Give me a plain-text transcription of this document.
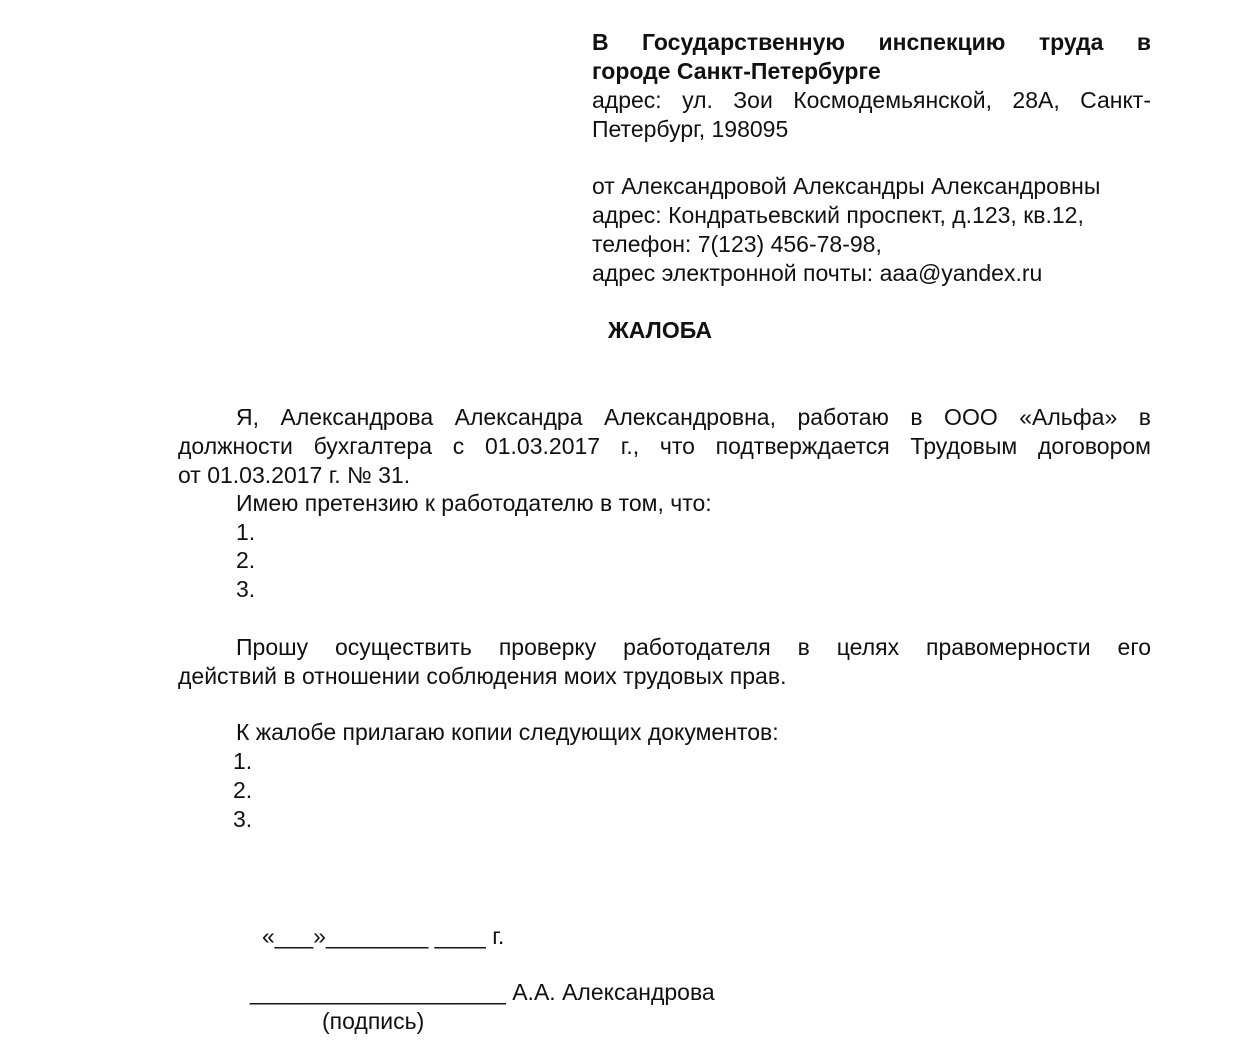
В Государственную инспекцию труда в
городе Санкт-Петербурге
адрес: ул. Зои Космодемьянской, 28А, Санкт-
Петербург, 198095
от Александровой Александры Александровны
адрес: Кондратьевский проспект, д.123, кв.12,
телефон: 7(123) 456-78-98,
адрес электронной почты: aaa@yandex.ru
ЖАЛОБА
Я, Александрова Александра Александровна, работаю в ООО «Альфа» в
должности бухгалтера с 01.03.2017 г., что подтверждается Трудовым договором
от 01.03.2017 г. № 31.
Имею претензию к работодателю в том, что:
1.
2.
3.
Прошу осуществить проверку работодателя в целях правомерности его
действий в отношении соблюдения моих трудовых прав.
К жалобе прилагаю копии следующих документов:
1.
2.
3.
«___»________ ____ г.
____________________ А.А. Александрова
(подпись)
